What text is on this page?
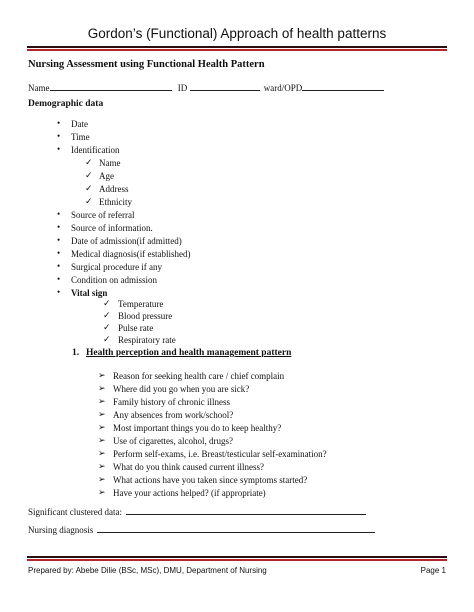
Gordon’s (Functional) Approach of health patterns
Nursing Assessment using Functional Health Pattern
Name	ID	ward/OPD
Demographic data
• Date
• Time
• Identification
✓ Name
✓ Age
✓ Address
✓ Ethnicity
• Source of referral
• Source of information.
• Date of admission(if admitted)
• Medical diagnosis(if established)
• Surgical procedure if any
• Condition on admission
• Vital sign
✓ Temperature
✓ Blood pressure
✓ Pulse rate
✓ Respiratory rate
1. Health perception and health management pattern
➢ Reason for seeking health care / chief complain
➢ Where did you go when you are sick?
➢ Family history of chronic illness
➢ Any absences from work/school?
➢ Most important things you do to keep healthy?
➢ Use of cigarettes, alcohol, drugs?
➢ Perform self-exams, i.e. Breast/testicular self-examination?
➢ What do you think caused current illness?
➢ What actions have you taken since symptoms started?
➢ Have your actions helped? (if appropriate)
Significant clustered data:
Nursing diagnosis
Prepared by: Abebe Dilie (BSc, MSc), DMU, Department of Nursing	Page 1
